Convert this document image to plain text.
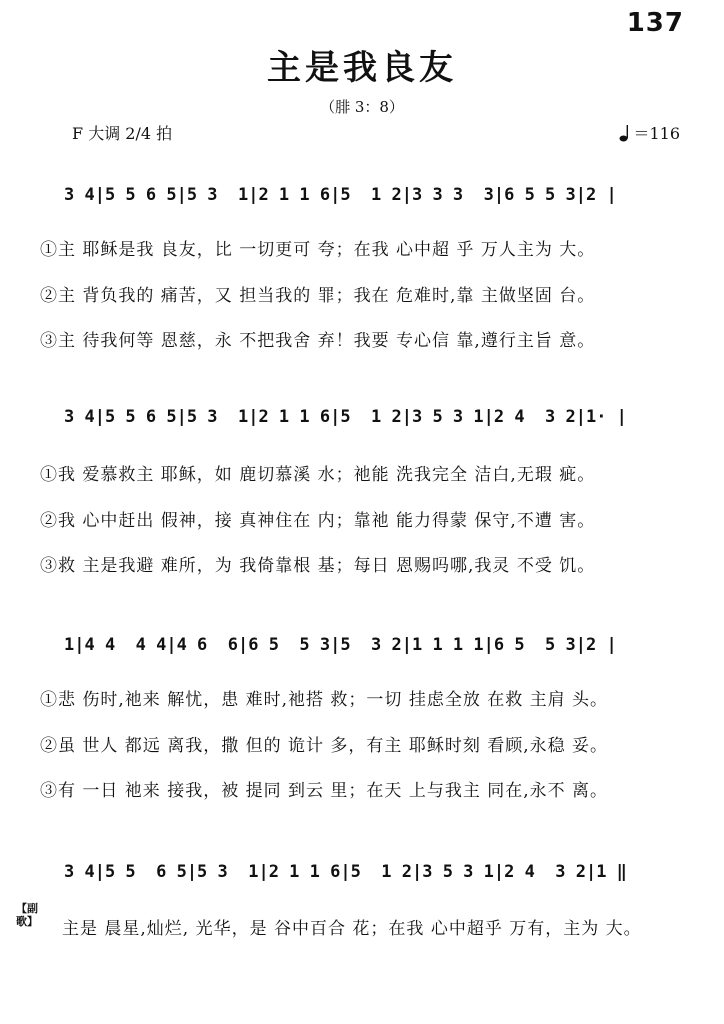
137
主是我良友
（腓 3：8）
F 大调 2/4 拍	＝116
3 4|5 5 6 5|5 3  1|2 1 1 6|5  1 2|3 3 3  3|6 5 5 3|2 |
①主 耶稣是我 良友，比 一切更可 夸；在我 心中超 乎 万人主为 大。
②主 背负我的 痛苦，又 担当我的 罪；我在 危难时,靠 主做坚固 台。
③主 待我何等 恩慈，永 不把我舍 弃！我要 专心信 靠,遵行主旨 意。
3 4|5 5 6 5|5 3  1|2 1 1 6|5  1 2|3 5 3 1|2 4  3 2|1· |
①我 爱慕救主 耶稣，如 鹿切慕溪 水；祂能 洗我完全 洁白,无瑕 疵。
②我 心中赶出 假神，接 真神住在 内；靠祂 能力得蒙 保守,不遭 害。
③救 主是我避 难所，为 我倚靠根 基；每日 恩赐吗哪,我灵 不受 饥。
1|4 4  4 4|4 6  6|6 5  5 3|5  3 2|1 1 1 1|6 5  5 3|2 |
①悲 伤时,祂来 解忧，患 难时,祂搭 救；一切 挂虑全放 在救 主肩 头。
②虽 世人 都远 离我，撒 但的 诡计 多，有主 耶稣时刻 看顾,永稳 妥。
③有 一日 祂来 接我，被 提同 到云 里；在天 上与我主 同在,永不 离。
3 4|5 5  6 5|5 3  1|2 1 1 6|5  1 2|3 5 3 1|2 4  3 2|1 ‖
【副歌】 主是 晨星,灿烂, 光华，是 谷中百合 花；在我 心中超乎 万有，主为 大。
